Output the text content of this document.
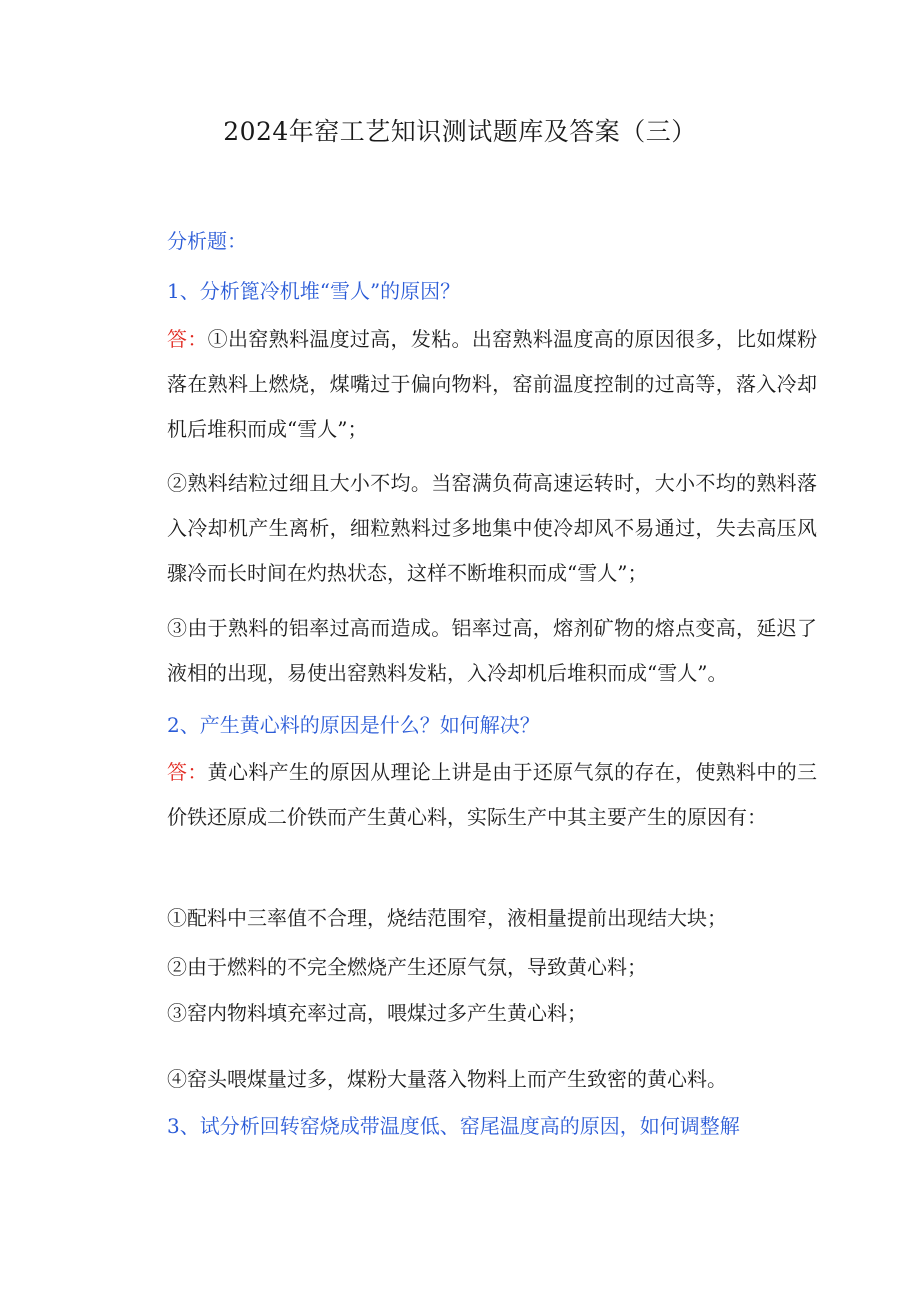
2024年窑工艺知识测试题库及答案（三）
分析题：
1、分析篦冷机堆“雪人”的原因？
答：①出窑熟料温度过高，发粘。出窑熟料温度高的原因很多，比如煤粉落在熟料上燃烧，煤嘴过于偏向物料，窑前温度控制的过高等，落入冷却机后堆积而成“雪人”；
②熟料结粒过细且大小不均。当窑满负荷高速运转时，大小不均的熟料落入冷却机产生离析，细粒熟料过多地集中使冷却风不易通过，失去高压风骤冷而长时间在灼热状态，这样不断堆积而成“雪人”；
③由于熟料的铝率过高而造成。铝率过高，熔剂矿物的熔点变高，延迟了液相的出现，易使出窑熟料发粘，入冷却机后堆积而成“雪人”。
2、产生黄心料的原因是什么？如何解决？
答：黄心料产生的原因从理论上讲是由于还原气氛的存在，使熟料中的三价铁还原成二价铁而产生黄心料，实际生产中其主要产生的原因有：
①配料中三率值不合理，烧结范围窄，液相量提前出现结大块；
②由于燃料的不完全燃烧产生还原气氛，导致黄心料；
③窑内物料填充率过高，喂煤过多产生黄心料；
④窑头喂煤量过多，煤粉大量落入物料上而产生致密的黄心料。
3、试分析回转窑烧成带温度低、窑尾温度高的原因，如何调整解
